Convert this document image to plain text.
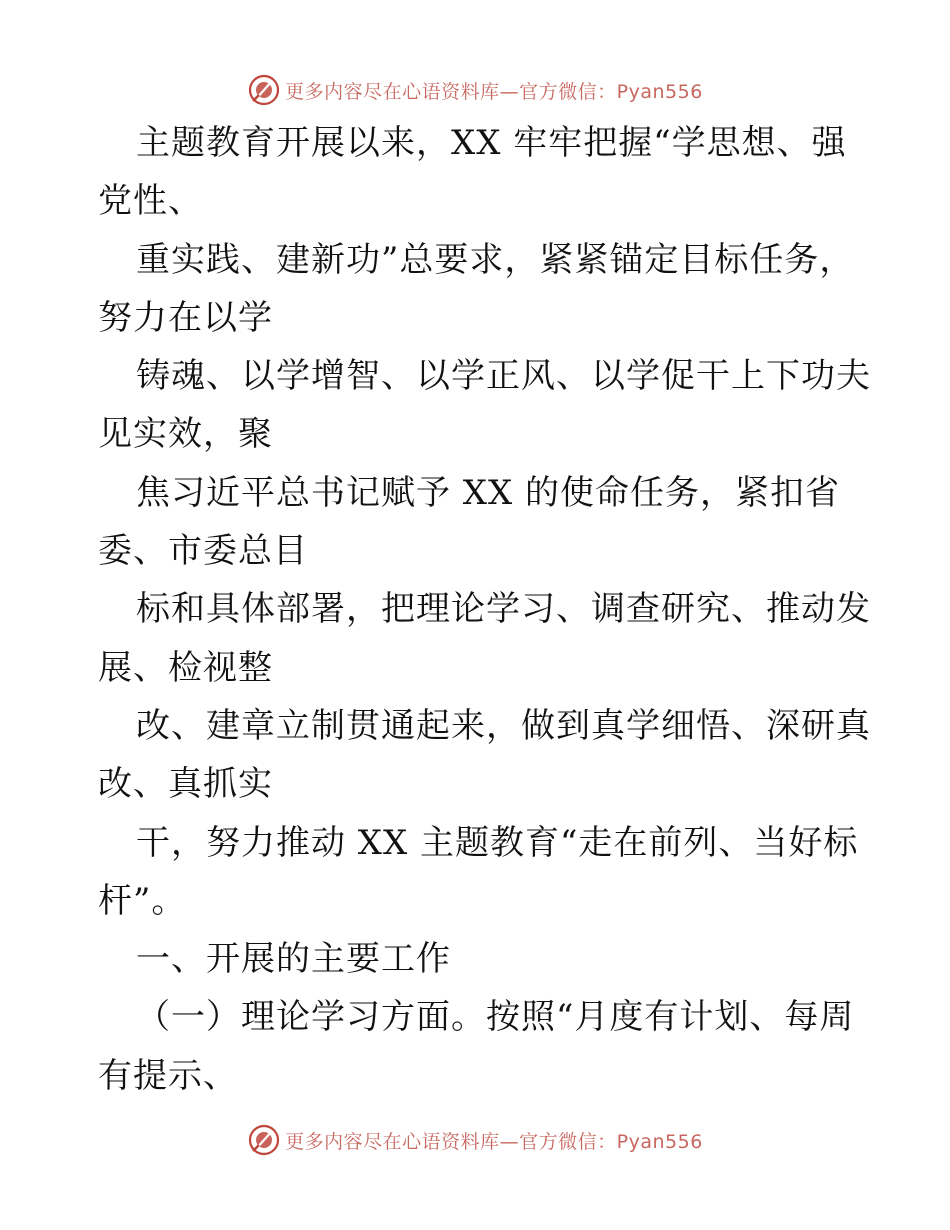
更多内容尽在心语资料库—官方微信：Pyan556
主题教育开展以来，XX 牢牢把握“学思想、强
党性、
重实践、建新功”总要求，紧紧锚定目标任务，
努力在以学
铸魂、以学增智、以学正风、以学促干上下功夫
见实效，聚
焦习近平总书记赋予 XX 的使命任务，紧扣省
委、市委总目
标和具体部署，把理论学习、调查研究、推动发
展、检视整
改、建章立制贯通起来，做到真学细悟、深研真
改、真抓实
干，努力推动 XX 主题教育“走在前列、当好标
杆”。
一、开展的主要工作
（一）理论学习方面。按照“月度有计划、每周
有提示、
更多内容尽在心语资料库—官方微信：Pyan556
